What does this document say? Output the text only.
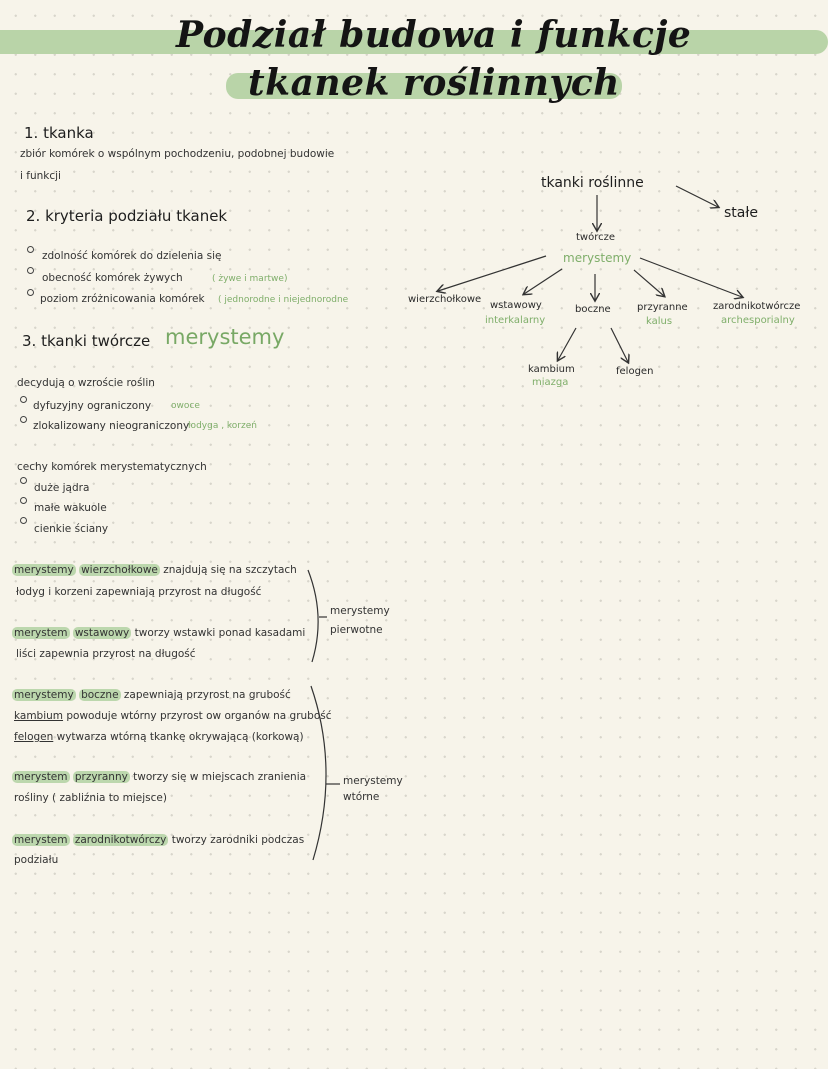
Podział budowa i funkcje
tkanek roślinnych
1. tkanka
zbiór komórek o wspólnym pochodzeniu, podobnej budowie
i funkcji
2. kryteria podziału tkanek
zdolność komórek do dzielenia się
obecność komórek żywych	( żywe i martwe)
poziom zróżnicowania komórek ( jednorodne i niejednorodne
3. tkanki twórcze merystemy
decydują o wzroście roślin
dyfuzyjny ograniczony owoce
zlokalizowany nieograniczony
łodyga , korzeń
cechy komórek merystematycznych
duże jądra
małe wakuole
cienkie ściany
merystemy wierzchołkowe znajdują się na szczytach
łodyg i korzeni zapewniają przyrost na długość
merystem wstawowy tworzy wstawki ponad kasadami
liści zapewnia przyrost na długość
merystemy
pierwotne
merystemy boczne zapewniają przyrost na grubość
kambium powoduje wtórny przyrost ow organów na grubość
felogen wytwarza wtórną tkankę okrywającą (korkową)
merystem przyranny tworzy się w miejscach zranienia
rośliny ( zabliźnia to miejsce)
merystem zarodnikotwórczy tworzy zarodniki podczas
podziału
merystemy
wtórne
tkanki roślinne
stałe
twórcze
merystemy
wierzchołkowe
wstawowy
interkalarny
boczne	przyranne
kalus
zarodnikotwórcze
archesporialny
kambium
miazga
felogen
